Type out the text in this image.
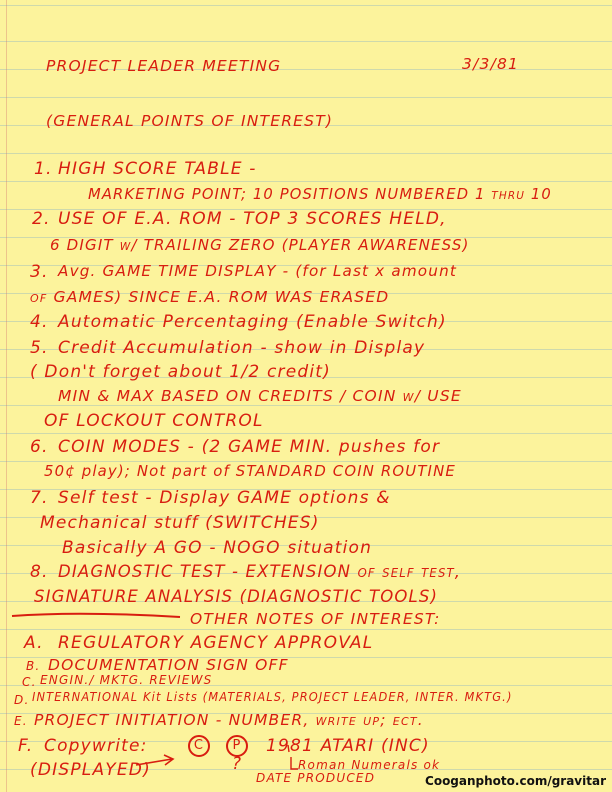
PROJECT LEADER MEETING	3/3/81
(GENERAL POINTS OF INTEREST)
1. HIGH SCORE TABLE -
MARKETING POINT; 10 POSITIONS NUMBERED 1 thru 10
2. USE OF E.A. ROM - TOP 3 SCORES HELD,
6 DIGIT w/ TRAILING ZERO (PLAYER AWARENESS)
3. Avg. GAME TIME DISPLAY - (for Last x amount
of GAMES) SINCE E.A. ROM WAS ERASED
4. Automatic Percentaging (Enable Switch)
5. Credit Accumulation - show in Display
( Don't forget about 1/2 credit)
MIN & MAX BASED ON CREDITS / COIN w/ USE
OF LOCKOUT CONTROL
6. COIN MODES - (2 GAME MIN. pushes for
50¢ play); Not part of STANDARD COIN ROUTINE
7. Self test - Display GAME options &
Mechanical stuff (SWITCHES)
Basically A GO - NOGO situation
8. DIAGNOSTIC TEST - EXTENSION of self test,
SIGNATURE ANALYSIS (DIAGNOSTIC TOOLS)
OTHER NOTES OF INTEREST:
A. REGULATORY AGENCY APPROVAL
B. DOCUMENTATION SIGN OFF
C. ENGIN./ MKTG. REVIEWS
D. INTERNATIONAL Kit Lists (MATERIALS, PROJECT LEADER, INTER. MKTG.)
E. PROJECT INITIATION - NUMBER, write up; ect.
F. Copywrite:	C	P	1981 ATARI (INC)
(DISPLAYED)	?	Roman Numerals ok
DATE PRODUCED	Cooganphoto.com/gravitar
